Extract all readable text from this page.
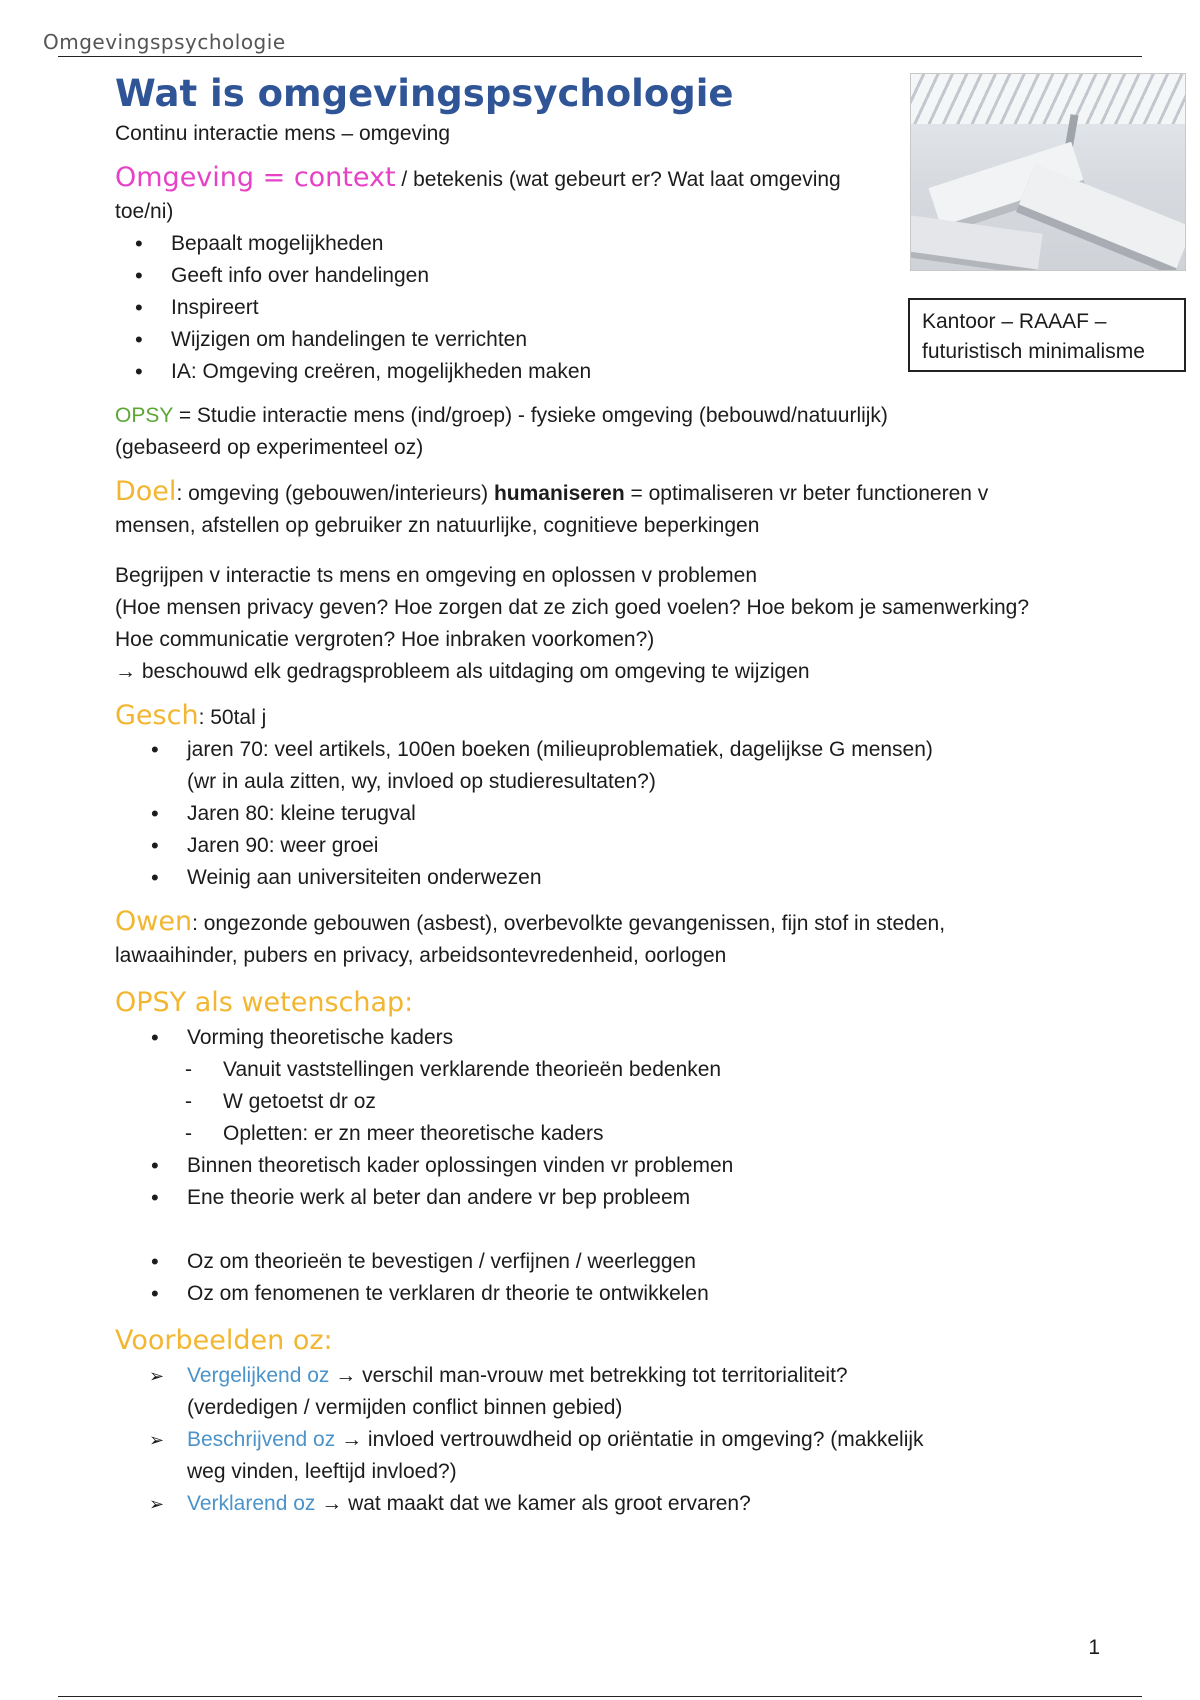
Omgevingspsychologie
Kantoor – RAAAF – futuristisch minimalisme
Wat is omgevingspsychologie

Continu interactie mens – omgeving

Omgeving = context / betekenis (wat gebeurt er? Wat laat omgeving toe/ni)

• Bepaalt mogelijkheden
• Geeft info over handelingen
• Inspireert
• Wijzigen om handelingen te verrichten
• IA: Omgeving creëren, mogelijkheden maken

OPSY = Studie interactie mens (ind/groep) - fysieke omgeving (bebouwd/natuurlijk) (gebaseerd op experimenteel oz)

Doel: omgeving (gebouwen/interieurs) humaniseren = optimaliseren vr beter functioneren v mensen, afstellen op gebruiker zn natuurlijke, cognitieve beperkingen

Begrijpen v interactie ts mens en omgeving en oplossen v problemen

(Hoe mensen privacy geven? Hoe zorgen dat ze zich goed voelen? Hoe bekom je samenwerking? Hoe communicatie vergroten? Hoe inbraken voorkomen?)

→ beschouwd elk gedragsprobleem als uitdaging om omgeving te wijzigen

Gesch: 50tal j

• jaren 70: veel artikels, 100en boeken (milieuproblematiek, dagelijkse G mensen) (wr in aula zitten, wy, invloed op studieresultaten?)
• Jaren 80: kleine terugval
• Jaren 90: weer groei
• Weinig aan universiteiten onderwezen

Owen: ongezonde gebouwen (asbest), overbevolkte gevangenissen, fijn stof in steden, lawaaihinder, pubers en privacy, arbeidsontevredenheid, oorlogen

OPSY als wetenschap:
• Vorming theoretische kaders
- Vanuit vaststellingen verklarende theorieën bedenken
- W getoetst dr oz
- Opletten: er zn meer theoretische kaders
• Binnen theoretisch kader oplossingen vinden vr problemen
• Ene theorie werk al beter dan andere vr bep probleem
• Oz om theorieën te bevestigen / verfijnen / weerleggen
• Oz om fenomenen te verklaren dr theorie te ontwikkelen
Voorbeelden oz:
➢ Vergelijkend oz → verschil man-vrouw met betrekking tot territorialiteit? (verdedigen / vermijden conflict binnen gebied)
➢ Beschrijvend oz → invloed vertrouwdheid op oriëntatie in omgeving? (makkelijk weg vinden, leeftijd invloed?)
➢ Verklarend oz → wat maakt dat we kamer als groot ervaren?
1
